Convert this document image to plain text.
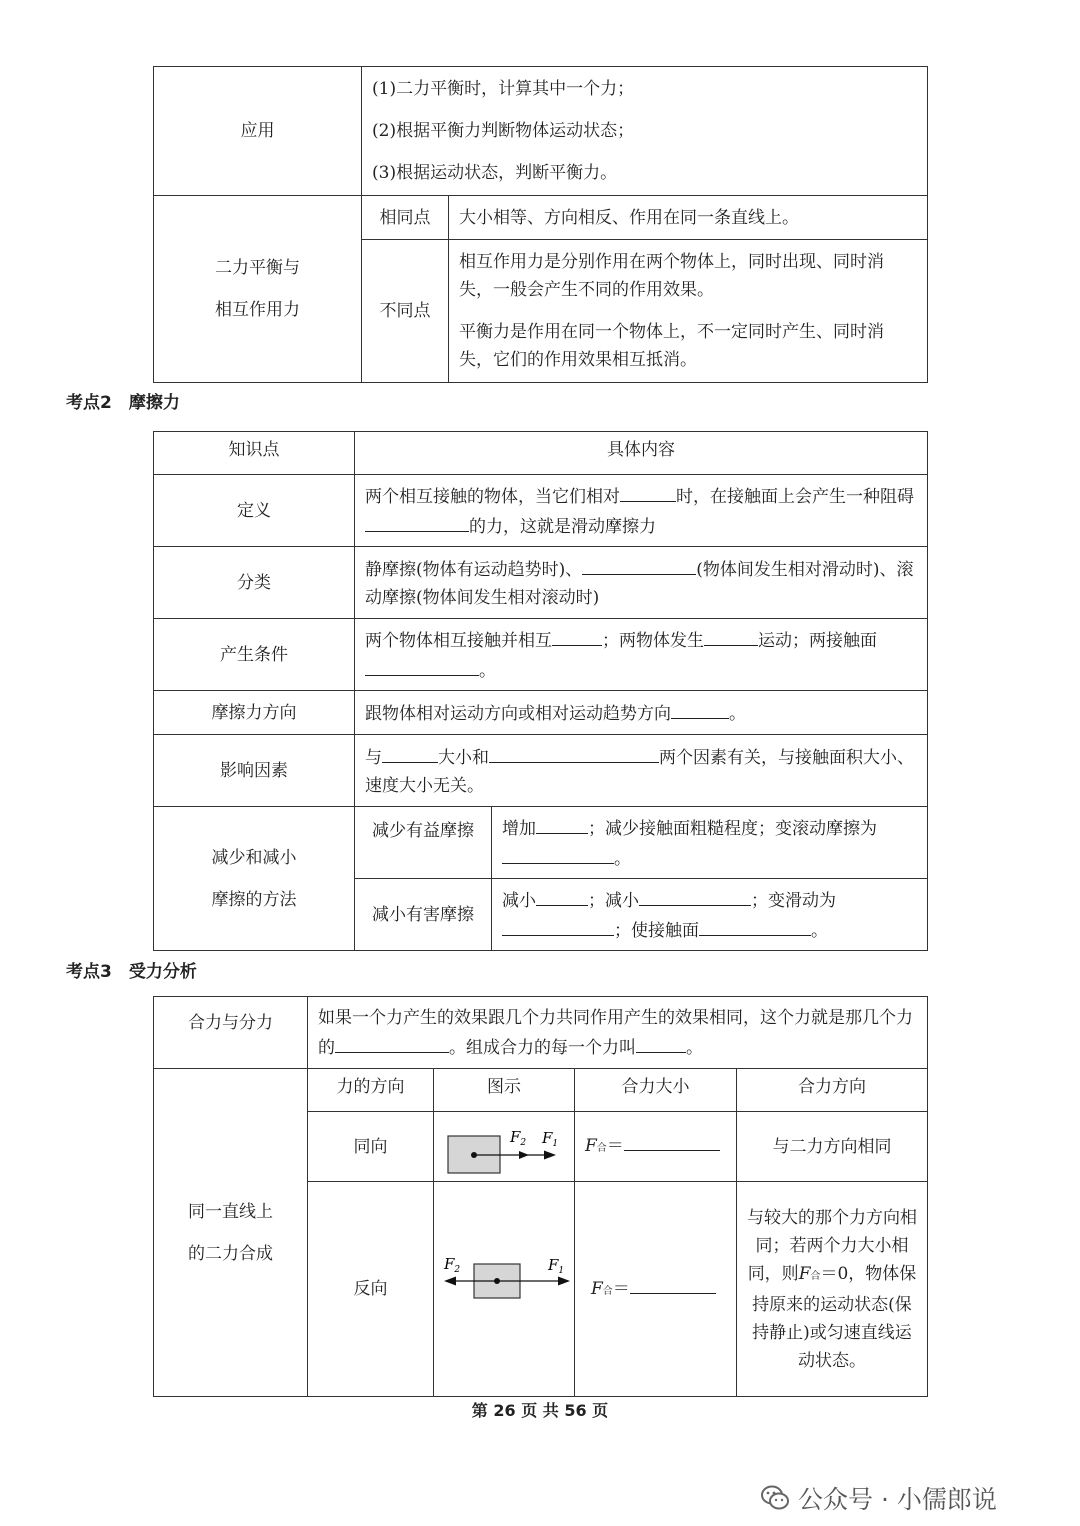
应用	(1)二力平衡时，计算其中一个力；

(2)根据平衡力判断物体运动状态；

(3)根据运动状态，判断平衡力。	

二力平衡与
相互作用力	相同点	大小相等、方向相反、作用在同一条直线上。
	不同点	相互作用力是分别作用在两个物体上，同时出现、同时消失，一般会产生不同的作用效果。

平衡力是作用在同一个物体上，不一定同时产生、同时消失，它们的作用效果相互抵消。

考点2　摩擦力
知识点	具体内容	
定义	两个相互接触的物体，当它们相对 时，在接触面上会产生一种阻碍的力，这就是滑动摩擦力	
分类	静摩擦(物体有运动趋势时)、 (物体间发生相对滑动时)、滚动摩擦(物体间发生相对滚动时)	
产生条件	两个物体相互接触并相互 ；两物体发生 运动；两接触面。	
摩擦力方向	跟物体相对运动方向或相对运动趋势方向 。	
影响因素	与 大小和 两个因素有关，与接触面积大小、速度大小无关。	

减少和减小
摩擦的方法	减少有益摩擦	增加 ；减少接触面粗糙程度；变滚动摩擦为。
	减小有害摩擦	减小 ；减小 ；变滑动为；使接触面 。
考点3　受力分析
合力与分力	如果一个力产生的效果跟几个力共同作用产生的效果相同，这个力就是那几个力的 。组成合力的每一个力叫 。			

同一直线上
的二力合成	力的方向	图示	合力大小	合力方向
	同向	$F_2$ $F_1$	F合＝	与二力方向相同
	反向	$F_2$ $F_1$	F合＝	与较大的那个力方向相同；若两个力大小相同，则F合＝0，物体保持原来的运动状态(保持静止)或匀速直线运动状态。
第 26 页 共 56 页
公众号 · 小儒郎说
